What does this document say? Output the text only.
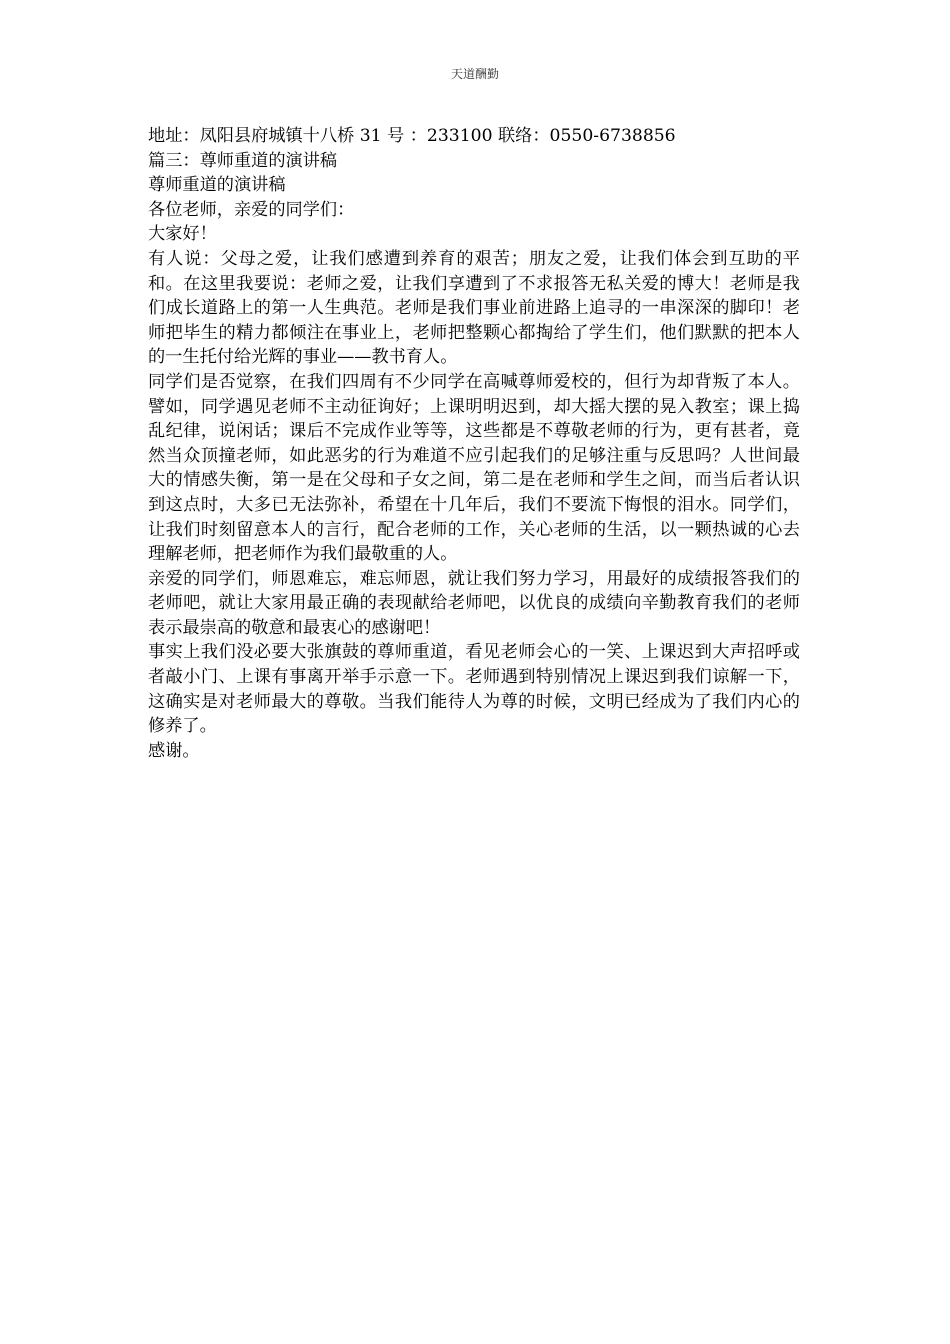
天道酬勤

地址：凤阳县府城镇十八桥 31 号 ：233100 联络：0550-6738856

篇三：尊师重道的演讲稿

尊师重道的演讲稿

各位老师，亲爱的同学们：

大家好！

有人说：父母之爱，让我们感遭到养育的艰苦；朋友之爱，让我们体会到互助的平和。在这里我要说：老师之爱，让我们享遭到了不求报答无私关爱的博大！老师是我们成长道路上的第一人生典范。老师是我们事业前进路上追寻的一串深深的脚印！老师把毕生的精力都倾注在事业上，老师把整颗心都掏给了学生们，他们默默的把本人的一生托付给光辉的事业——教书育人。

同学们是否觉察，在我们四周有不少同学在高喊尊师爱校的，但行为却背叛了本人。譬如，同学遇见老师不主动征询好；上课明明迟到，却大摇大摆的晃入教室；课上捣乱纪律，说闲话；课后不完成作业等等，这些都是不尊敬老师的行为，更有甚者，竟然当众顶撞老师，如此恶劣的行为难道不应引起我们的足够注重与反思吗？人世间最大的情感失衡，第一是在父母和子女之间，第二是在老师和学生之间，而当后者认识到这点时，大多已无法弥补，希望在十几年后，我们不要流下悔恨的泪水。同学们，让我们时刻留意本人的言行，配合老师的工作，关心老师的生活，以一颗热诚的心去理解老师，把老师作为我们最敬重的人。

亲爱的同学们，师恩难忘，难忘师恩，就让我们努力学习，用最好的成绩报答我们的老师吧，就让大家用最正确的表现献给老师吧，以优良的成绩向辛勤教育我们的老师表示最崇高的敬意和最衷心的感谢吧！

事实上我们没必要大张旗鼓的尊师重道，看见老师会心的一笑、上课迟到大声招呼或者敲小门、上课有事离开举手示意一下。老师遇到特别情况上课迟到我们谅解一下，这确实是对老师最大的尊敬。当我们能待人为尊的时候，文明已经成为了我们内心的修养了。

感谢。
